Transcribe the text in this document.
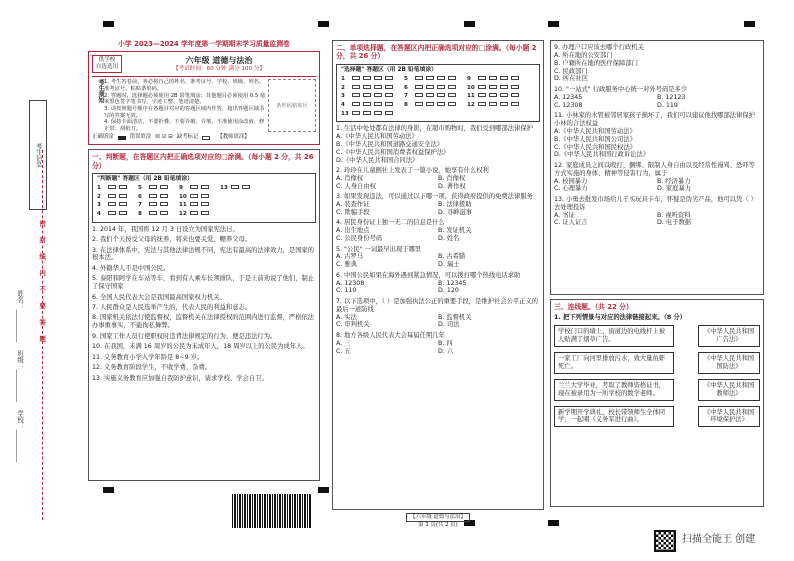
考生信息
密封线内不要答题
学校：__________
班级：__________
姓名：__________
小学 2023—2024 学年度第一学期期末学习质量监测卷
供学校
自选选用
六年级 道德与法治
【考试时间：60 分钟 满分 100 分】
考生须知 1. 考生答卷前，务必将自己的姓名、准考证号、学校、班级、姓名、准考证号、粘贴条形码。
2. 答题时，选择题必须使用 2B 铅笔填涂；其他题目必须使用 0.5 毫米黑色签字笔书写，字迹工整、笔迹清楚。
3. 请按照题号顺序在各题目对应的答题区域内作答，超出答题区域书写的答案无效。
4. 保持卡面清洁，不要折叠、不要弄破、弄皱，不准使用涂改液、修正带、刮纸刀。
条形码粘贴区
正确填涂	错误填涂 ☒ ☑ ⊟ 缺考标记	【教师填涂】
一、判断题，在答题区内把正确选项对应的□涂满。（每小题 2 分，共 26 分）
"判断题" 答题区（用 2B 铅笔填涂）
1	5	9	13
2	6	10
3	7	11
4	8	12
1. 2014 年，我国将 12 月 3 日设立为国家宪法日。
2. 我们个天按受父母的抚养，将来也要关爱、赡养父母。
3. 在法律体系中，宪法与其他法律法规不同，宪法有最高的法律效力，是国家的根本法。
4. 外籍华人不是中国公民。
5. 泰阳和阿学在车站等车，看到有人乘车长须排队，于是上前劝说了他们，制止了保守国家
6. 全国人民代表大会是我国最高国家权力机关。
7. 人民群众是人民选举产生的，代表人民的利益和意志。
8. 国家机关依法行使监督权，监督机关在法律授权的范围内进行监督，严格依法办事重事实，不能徇私舞弊。
9. 国家工作人员行使职权时违背法律规定的行为，便是违法行为。
10. 在我国，未满 16 周岁的公民为未成年人，18 周岁以上的公民为成年人。
11. 义务教育小学入学年龄是 8~9 岁。
12. 义务教育阶段学生，不收学费、杂费。
13. 实施义务教育应加强自我防护意识，请求学校、学会自卫。
二、单项选择题，在答题区内把正确选项对应的□涂满。（每小题 2 分，共 26 分）
"选择题" 答题区（用 2B 铅笔填涂）
1	5	9
2	6	10
3	7	11
4	8	12
13
1. 生活中处处都有法律的身影，在超市购物时，我们受到哪部法律保护
A.《中华人民共和国劳动法》
B.《中华人民共和国道路交通安全法》
C.《中华人民共和国消费者权益保护法》
D.《中华人民共和国合同法》
2. 玲玲在儿童剧社上发表了一篇小说，她享有什么权利
A. 肖像权	B. 肖像权
C. 人身自由权	D. 著作权
3. 如果发现违法，可以通过以下哪一项，获得政府提供的免费法律服务
A. 装查作证	B. 法律援助
C. 欺骗手段	D. 寻衅滋事
4. 居民身份证上独一无二的信息是什么
A. 出生地点	B. 发证机关
C. 公民身份号码	D. 姓名
5. "公民" 一词最早出现于哪里
A. 古罗马	B. 古希腊
C. 雅典	D. 瑞士
6. 中国公民如果在海外遇到紧急情况，可以拨打哪个热线电话求助
A. 12308	B. 12345
C. 110	D. 120
7. 以下选项中，（ ）是加强执法公正的重要手段，是维护社会公平正义的最后一道防线
A. 实法	B. 监督机关
C. 审判机关	D. 司法
8. 地方各级人民代表大会每届任期几年
A. 三	B. 四
C. 五	D. 六
【六年级 道德与法治】
第 1 页(共 2 页)
9. 办理户口应该去哪个行政机关
A. 所在地的公安部门
B. 户籍所在地的医疗保障部门
C. 民政部门
D. 所在社区
10. "一站式" 行政服务中心统一对外号码是多少
A. 12345	B. 12123
C. 12308	D. 119
11. 小林家的水管被邻居家孩子损坏了，我们可以建议他找哪部法律保护小林的合法权益
A.《中华人民共和国劳动法》
B.《中华人民共和国公司法》
C.《中华人民共和国民权法》
D.《中华人民共和国行政诉讼法》
12. 家庭成员之间以殴打、捆绑、限制人身自由以及经常性谩骂、恐吓等方式实施的身体、精神等侵害行为，属于
A. 校园暴力	B. 经济暴力
C. 心理暴力	D. 家庭暴力
13. 小勇去批发市场给儿子买玩具卡车，怀疑是伪劣产品，他可以凭（ ）去处理投诉
A. 书证	B. 视听资料
C. 证人证言	D. 电子数据
三、连线题。（共 22 分）
1. 把下列情景与对应的法律链接起来。（8 分）
学校门口的墙上、街道边的电线杆上被人贴满了烟草广告。
《中华人民共和国广告法》
一家工厂向河里排放污水，致大量鱼虾死亡。
《中华人民共和国国防法》
兰兰大学毕业，考取了教师资格证书，现在被录用为一所学校的数学老师。
《中华人民共和国教师法》
新学期开学典礼，校长带领师生全体同学，一起唱《义务军进行曲》。
《中华人民共和国环境保护法》
扫描全能王 创建
